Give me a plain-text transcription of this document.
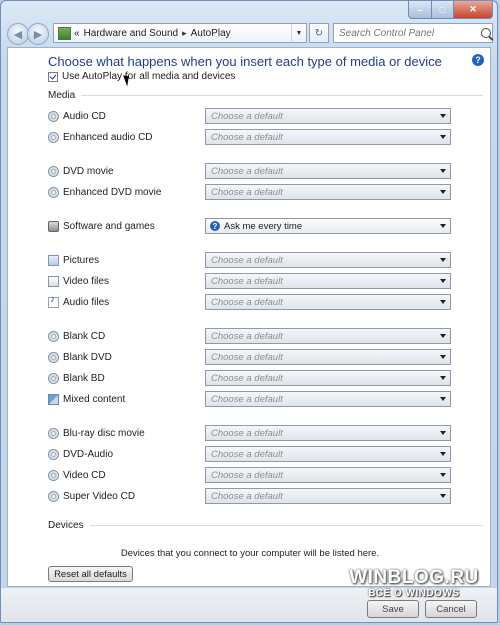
–	□	✕
◀	▶	« Hardware and Sound ▸ AutoPlay	▼	↻
Search Control Panel
?
Choose what happens when you insert each type of media or device
Use AutoPlay for all media and devices
Media
Audio CD	Choose a default
Enhanced audio CD	Choose a default
DVD movie	Choose a default
Enhanced DVD movie	Choose a default
Software and games	? Ask me every time
Pictures	Choose a default
Video files	Choose a default
♪
Audio files	Choose a default
Blank CD	Choose a default
Blank DVD	Choose a default
Blank BD	Choose a default
Mixed content	Choose a default
Blu-ray disc movie	Choose a default
DVD-Audio	Choose a default
Video CD	Choose a default
Super Video CD	Choose a default
Devices
Devices that you connect to your computer will be listed here.
Reset all defaults
Save	Cancel
WINBLOG.RU
ВСЁ О WINDOWS
